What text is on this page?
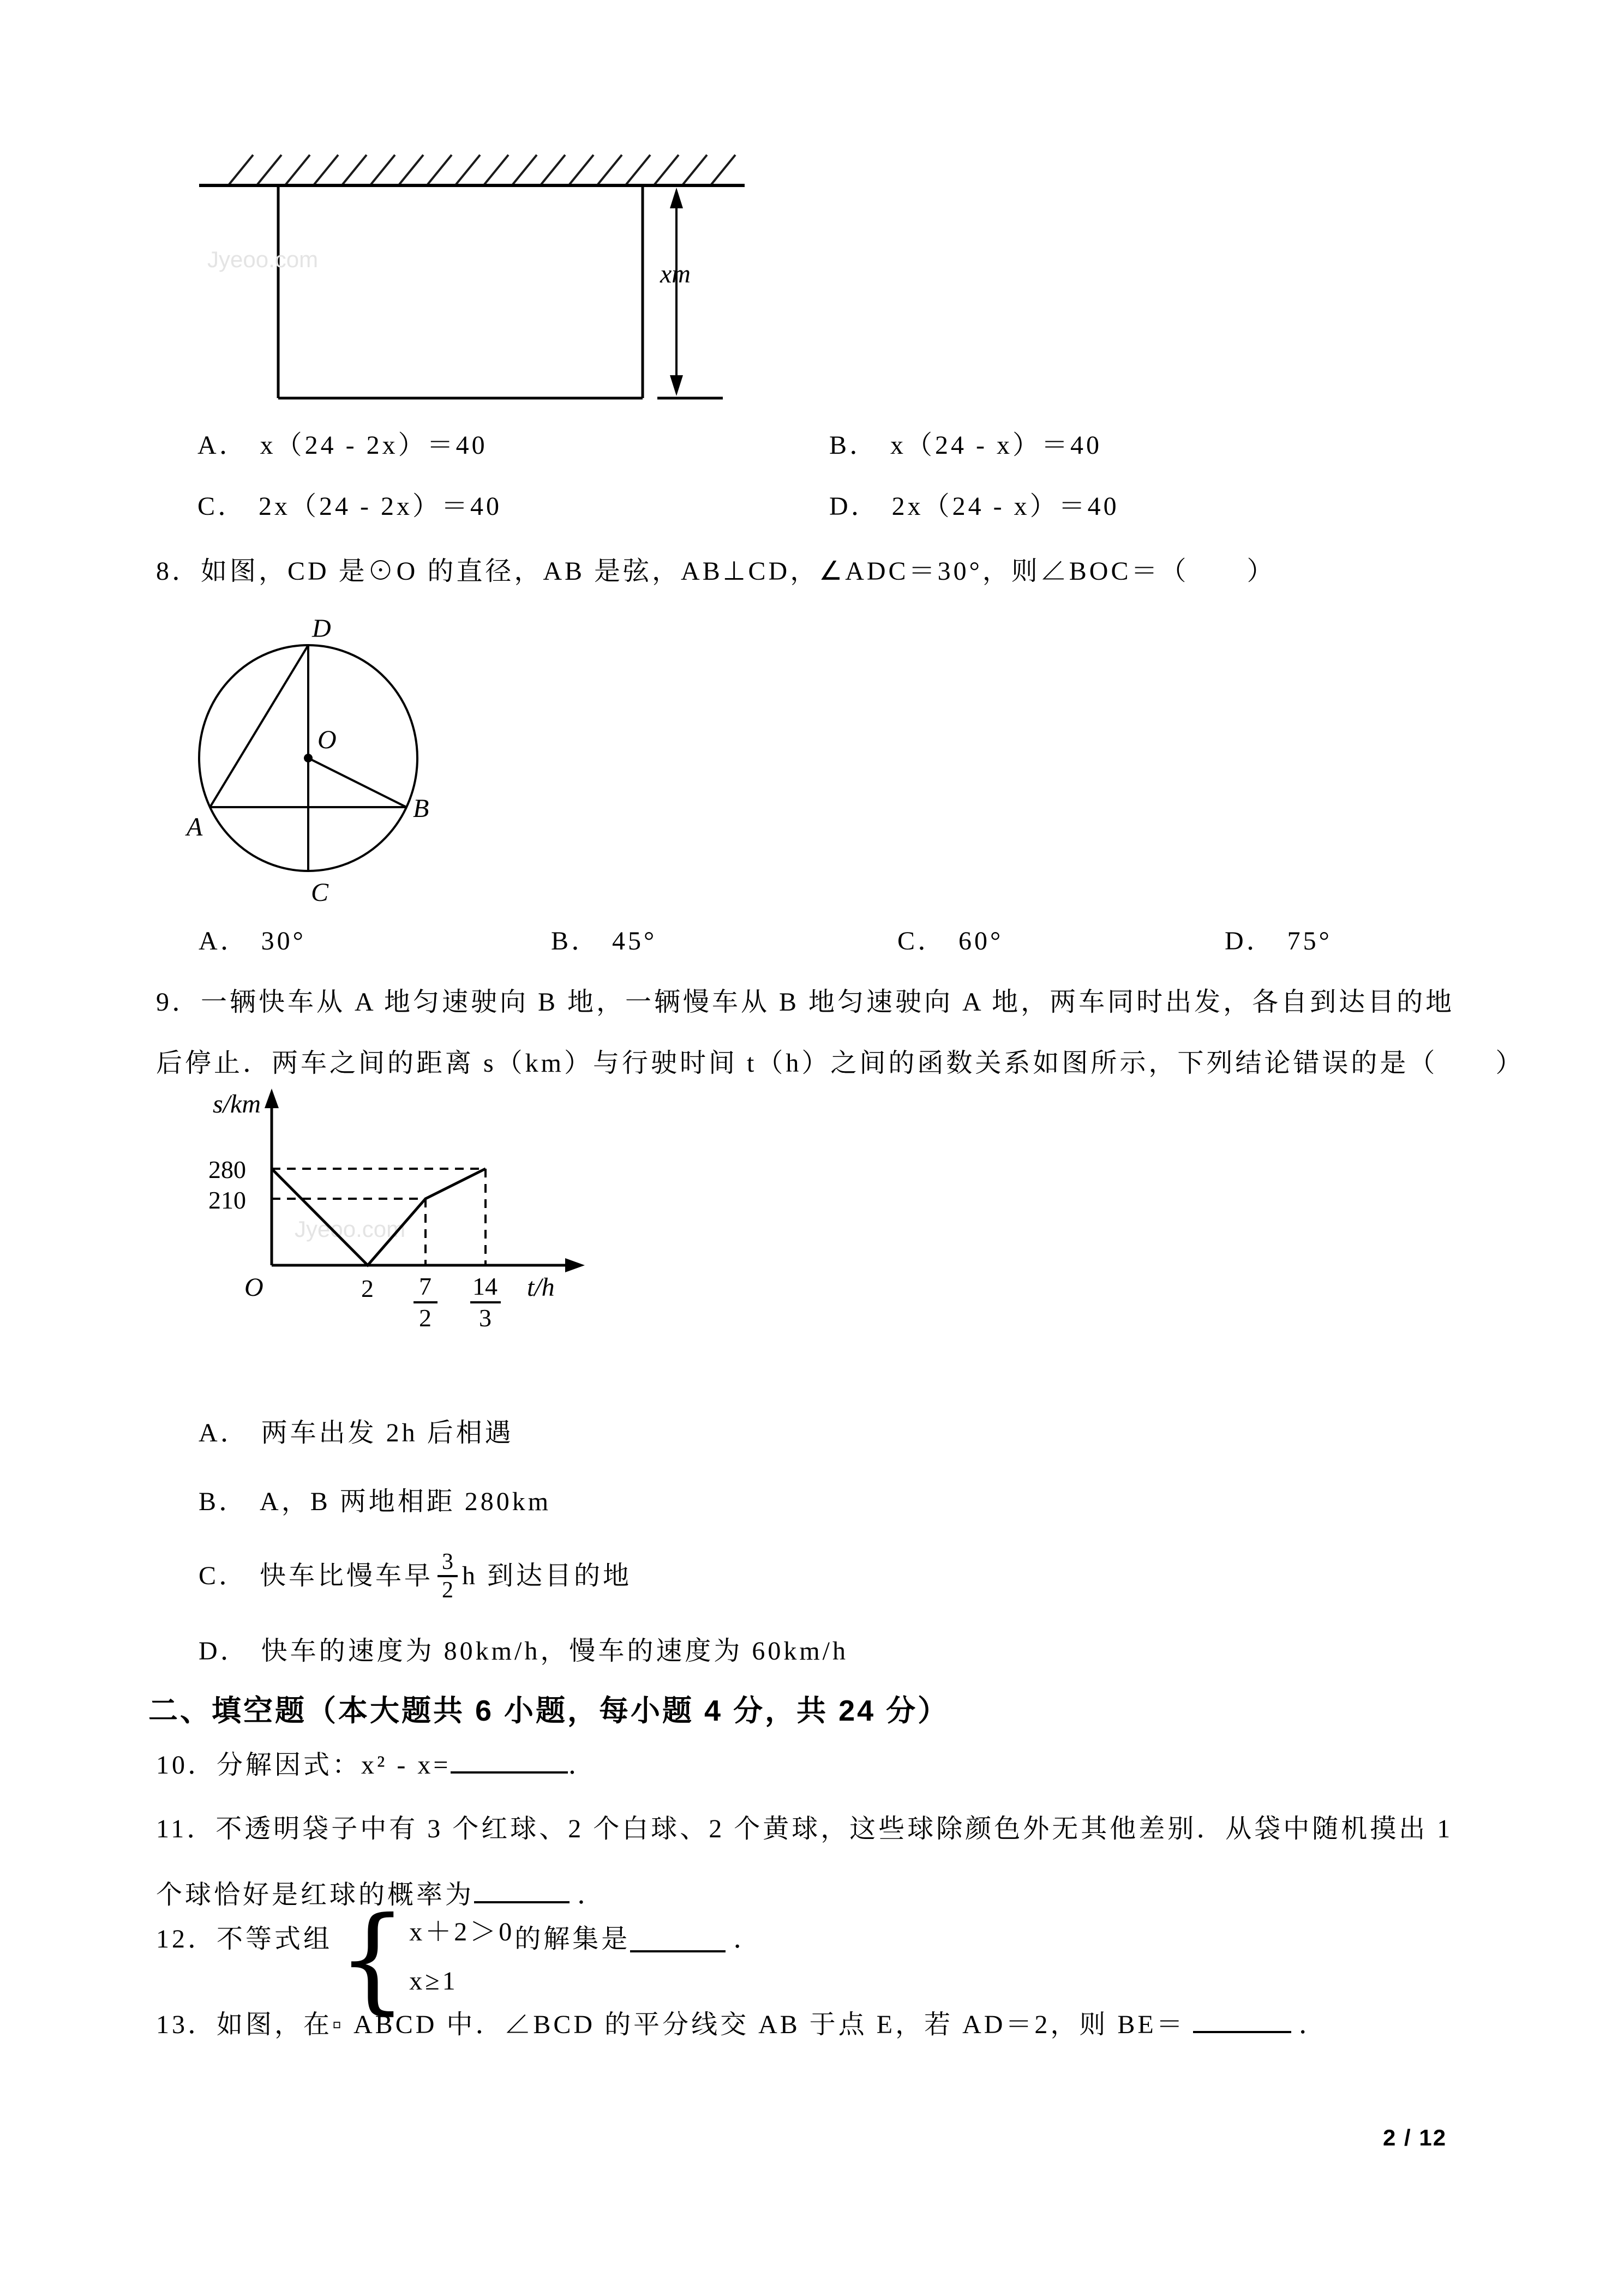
Jyeoo.com
xm
A． x（24 - 2x）＝40	B． x（24 - x）＝40
C． 2x（24 - 2x）＝40	D． 2x（24 - x）＝40
8．如图，CD 是⊙O 的直径，AB 是弦，AB⊥CD，∠ADC＝30°，则∠BOC＝（　　）
D
O
A
B
C
A． 30°	B． 45°	C． 60°	D． 75°
9．一辆快车从 A 地匀速驶向 B 地，一辆慢车从 B 地匀速驶向 A 地，两车同时出发，各自到达目的地
后停止．两车之间的距离 s（km）与行驶时间 t（h）之间的函数关系如图所示，下列结论错误的是（　　）
Jyeoo.com
s/km
280
210
O	2 7
2
14
3
t/h
A． 两车出发 2h 后相遇
B． A，B 两地相距 280km
C． 快车比慢车早 $\frac{3}{2}$ h 到达目的地
D． 快车的速度为 80km/h，慢车的速度为 60km/h
二、填空题（本大题共 6 小题，每小题 4 分，共 24 分）
10．分解因式：x² - x=	．
11．不透明袋子中有 3 个红球、2 个白球、2 个黄球，这些球除颜色外无其他差别．从袋中随机摸出 1
个球恰好是红球的概率为	．
12．不等式组 { x＋2＞0
x≥1
的解集是	．
13．如图，在▫ ABCD 中．∠BCD 的平分线交 AB 于点 E，若 AD＝2，则 BE＝	．
2 / 12
